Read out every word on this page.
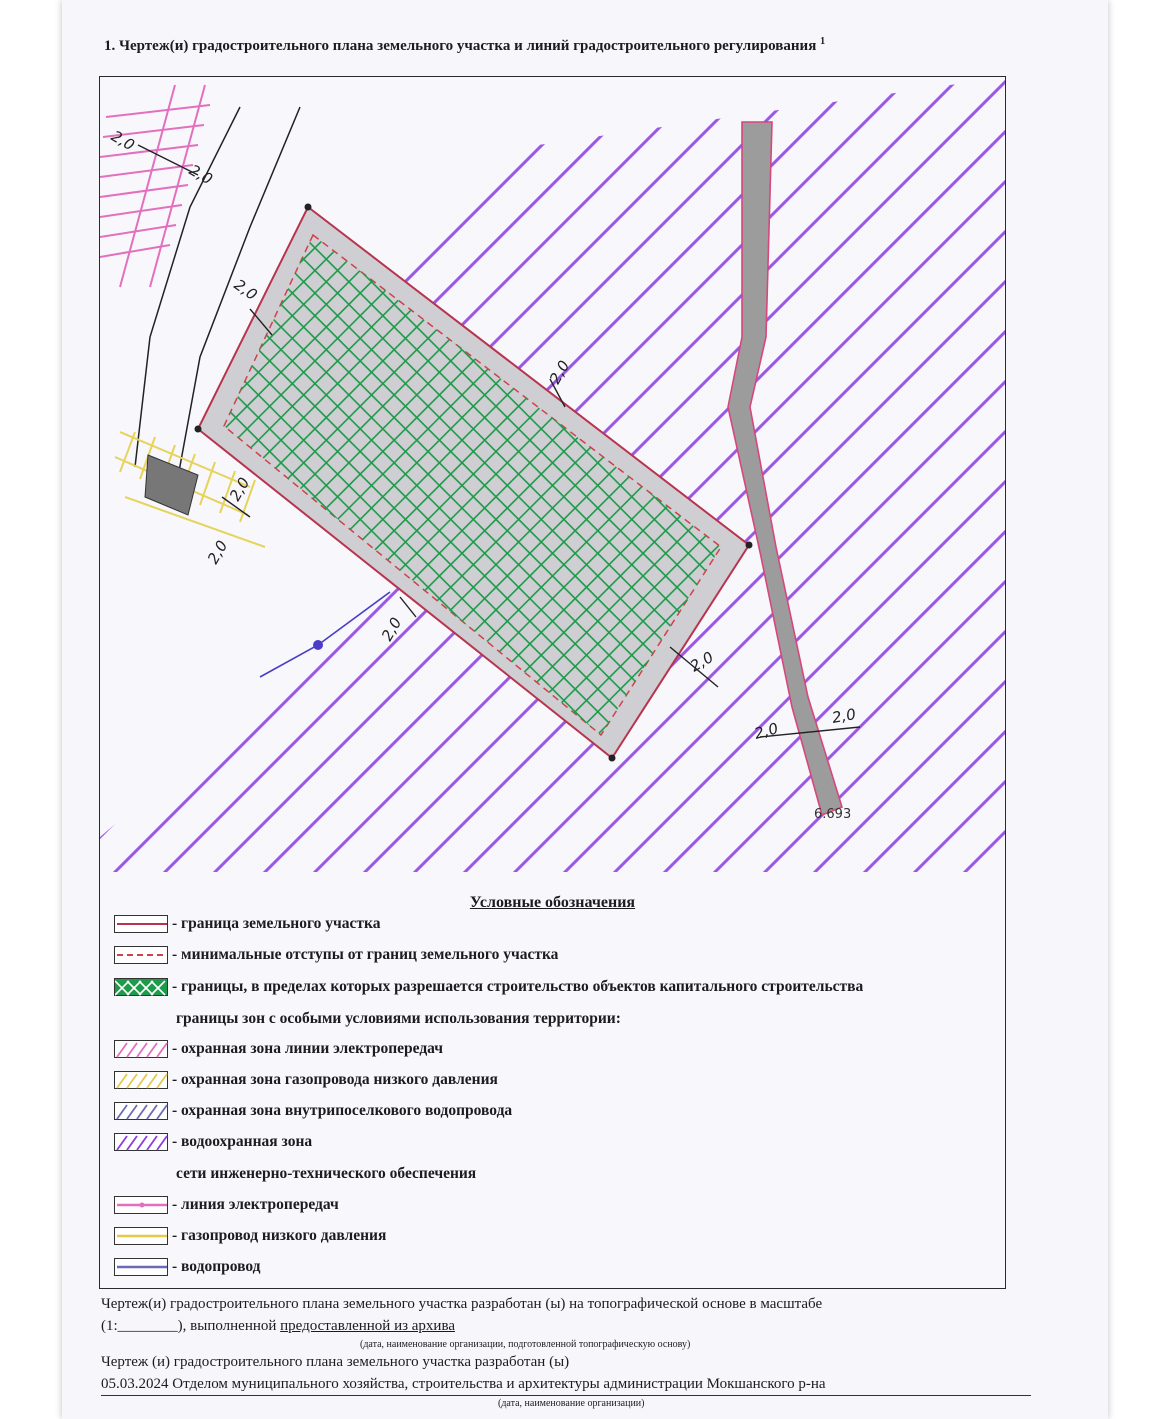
1. Чертеж(и) градостроительного плана земельного участка и линий градостроительного регулирования $^1$
2,0
2,0
2,0
2,0
2,0
2,0
2,0
2,0
2,0
2,0
6.693
Условные обозначения
- граница земельного участка
- минимальные отступы от границ земельного участка
- границы, в пределах которых разрешается строительство объектов капитального строительства
границы зон с особыми условиями использования территории:
- охранная зона линии электропередач
- охранная зона газопровода низкого давления
- охранная зона внутрипоселкового водопровода
- водоохранная зона
сети инженерно-технического обеспечения
- линия электропередач
- газопровод низкого давления
- водопровод
Чертеж(и) градостроительного плана земельного участка разработан (ы) на топографической основе в масштабе
(1:________), выполненной предоставленной из архива
(дата, наименование организации, подготовленной топографическую основу)
Чертеж (и) градостроительного плана земельного участка разработан (ы)
05.03.2024 Отделом муниципального хозяйства, строительства и архитектуры администрации Мокшанского р-на
(дата, наименование организации)
